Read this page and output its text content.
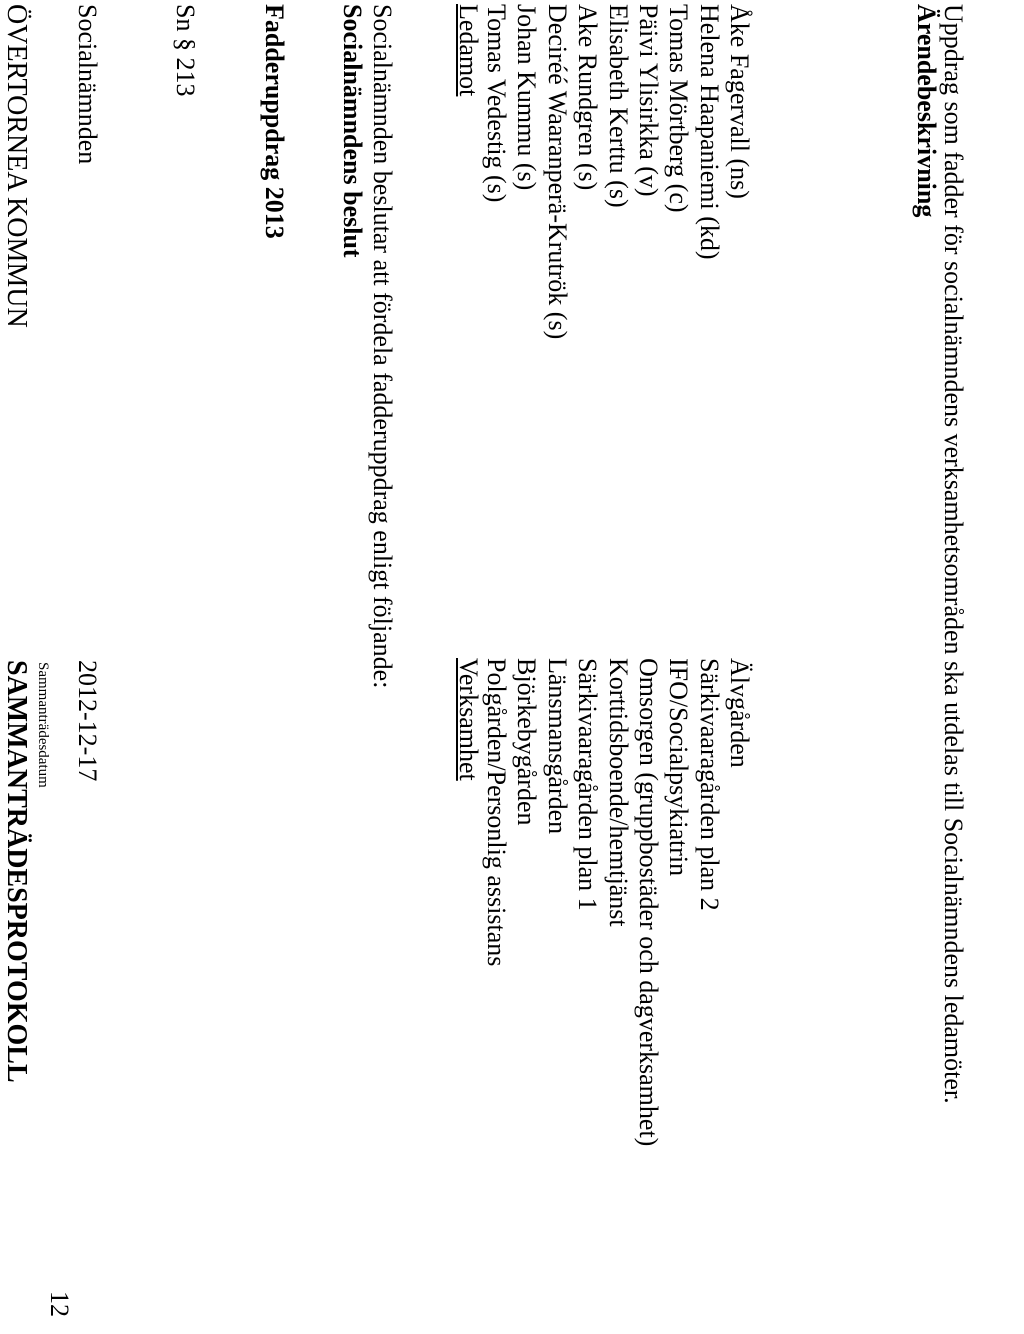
ÖVERTORNEA KOMMUN
SAMMANTRÄDESPROTOKOLL Sammanträdesdatum
12
Socialnämnden
2012-12-17
Sn § 213 Fadderuppdrag 2013 Socialnämndens beslut Socialnämnden beslutar att fördela fadderuppdrag enligt följande: Ledamot
Verksamhet
Tomas Vedestig (s) Johan Kummu (s) Deciréé Waaranperä-Krutrök (s) Ake Rundgren (s) Elisabeth Kerttu (s) Päivi Ylisirkka (v) Tomas Mörtberg (c) Helena Haapaniemi (kd) Åke Fagervall (ns)
Polgården/Personlig assistans Björkebygården Länsmansgården Särkivaaragården plan 1 Korttidsboende/hemtjänst Omsorgen (gruppbostäder och dagverksamhet) IFO/Socialpsykiatrin Särkivaaragården plan 2 Älvgården
Ärendebeskrivning
Uppdrag som fadder för socialnämndens verksamhetsområden ska utdelas till Socialnämndens ledamöter.
